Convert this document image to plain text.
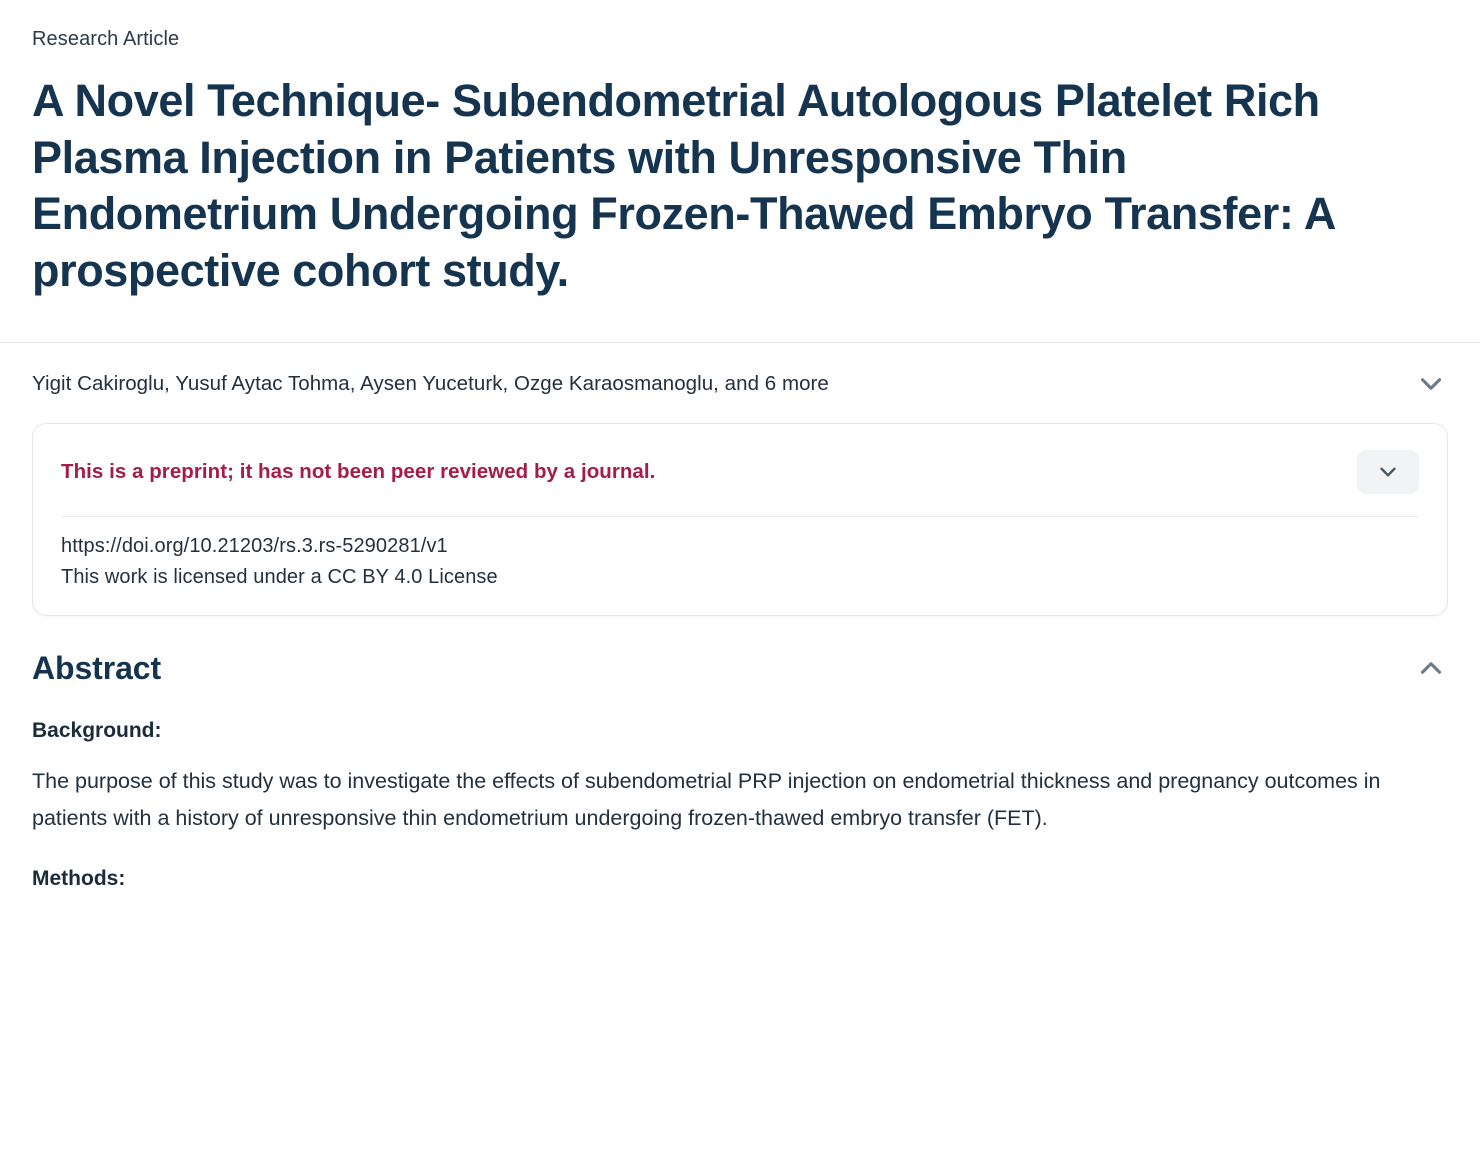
Research Article
A Novel Technique- Subendometrial Autologous Platelet Rich Plasma Injection in Patients with Unresponsive Thin Endometrium Undergoing Frozen-Thawed Embryo Transfer: A prospective cohort study.
Yigit Cakiroglu, Yusuf Aytac Tohma, Aysen Yuceturk, Ozge Karaosmanoglu, and 6 more
This is a preprint; it has not been peer reviewed by a journal.
https://doi.org/10.21203/rs.3.rs-5290281/v1
This work is licensed under a CC BY 4.0 License
Abstract
Background:

The purpose of this study was to investigate the effects of subendometrial PRP injection on endometrial thickness and pregnancy outcomes in patients with a history of unresponsive thin endometrium undergoing frozen-thawed embryo transfer (FET).

Methods:
